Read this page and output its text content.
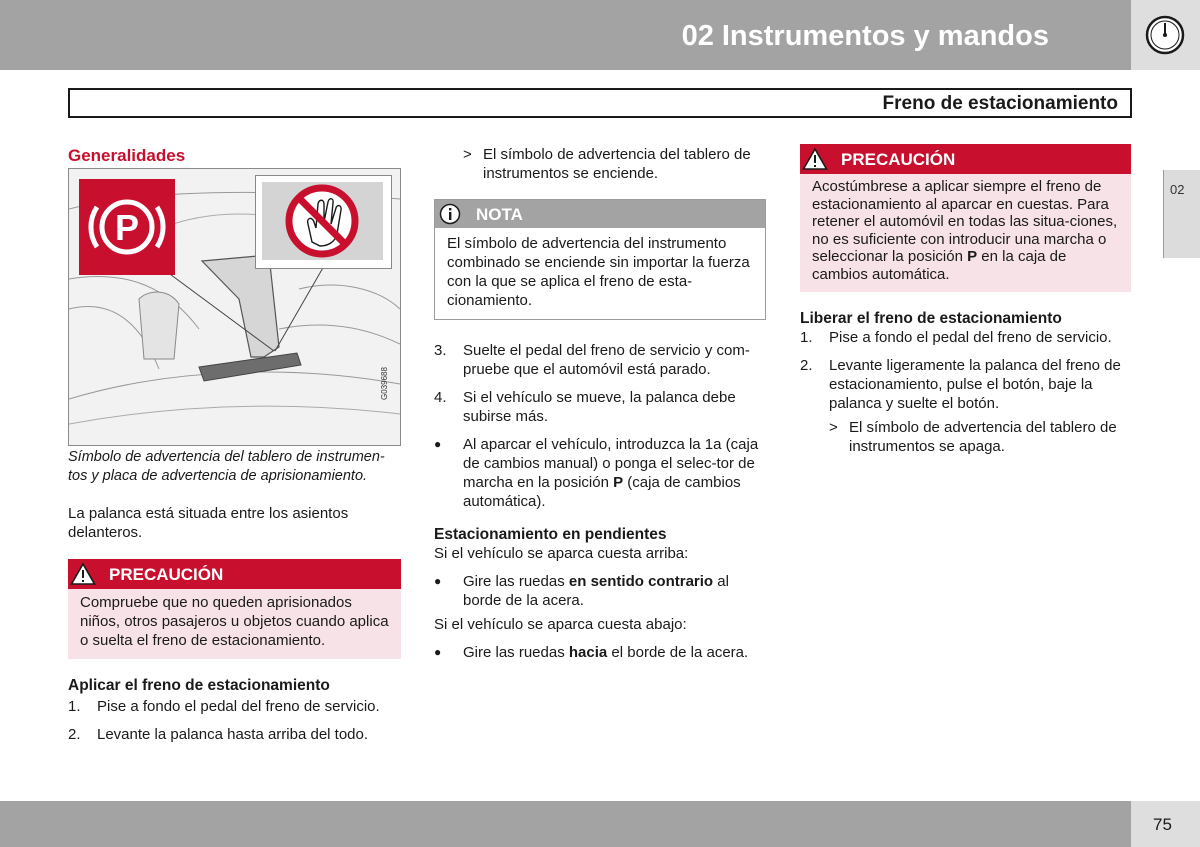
02 Instrumentos y mandos
Freno de estacionamiento
02
Generalidades
P
G039688

Símbolo de advertencia del tablero de instrumen-tos y placa de advertencia de aprisionamiento.

La palanca está situada entre los asientos delanteros.

PRECAUCIÓN
Compruebe que no queden aprisionados niños, otros pasajeros u objetos cuando aplica o suelta el freno de estacionamiento.
Aplicar el freno de estacionamiento
1.	Pise a fondo el pedal del freno de servicio.
2.	Levante la palanca hasta arriba del todo.
> El símbolo de advertencia del tablero de instrumentos se enciende.
NOTA
El símbolo de advertencia del instrumento combinado se enciende sin importar la fuerza con la que se aplica el freno de esta-cionamiento.
3.	Suelte el pedal del freno de servicio y com-pruebe que el automóvil está parado.
4.	Si el vehículo se mueve, la palanca debe subirse más.
●	Al aparcar el vehículo, introduzca la 1a (caja de cambios manual) o ponga el selec-tor de marcha en la posición P (caja de cambios automática).
Estacionamiento en pendientes

Si el vehículo se aparca cuesta arriba:

●	Gire las ruedas en sentido contrario al borde de la acera.

Si el vehículo se aparca cuesta abajo:

●	Gire las ruedas hacia el borde de la acera.
PRECAUCIÓN
Acostúmbrese a aplicar siempre el freno de estacionamiento al aparcar en cuestas. Para retener el automóvil en todas las situa-ciones, no es suficiente con introducir una marcha o seleccionar la posición P en la caja de cambios automática.
Liberar el freno de estacionamiento
1.	Pise a fondo el pedal del freno de servicio.
2.	Levante ligeramente la palanca del freno de estacionamiento, pulse el botón, baje la palanca y suelte el botón.
> El símbolo de advertencia del tablero de instrumentos se apaga.
75
